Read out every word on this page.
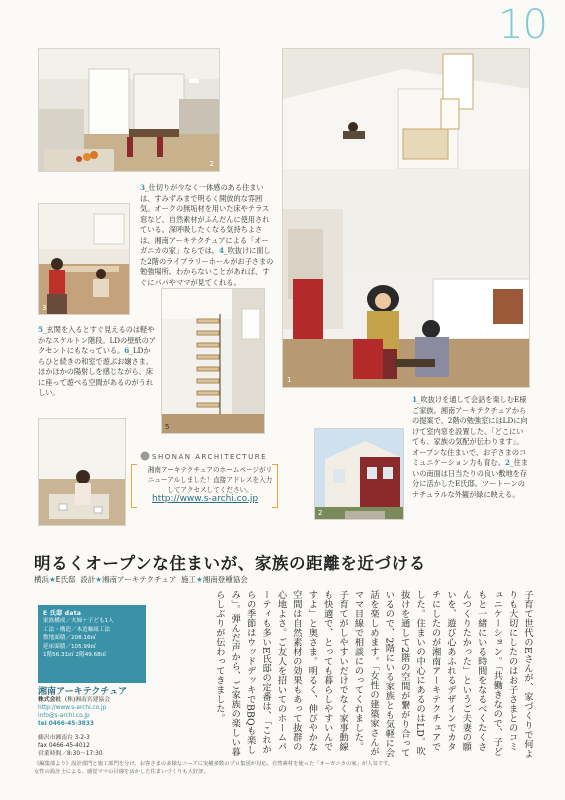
10
2
1
3
5
2
3_仕切りが少なく一体感のある住まいは、すみずみまで明るく開放的な雰囲気。オークの無垢材を用いた床やテラス窓など、自然素材がふんだんに使用されている。深呼吸したくなる気持ちよさは、湘南アーキテクチュアによる「オーガニカの家」ならでは。4_吹抜けに面した2階のライブラリーホールがお子さまの勉強場所。わからないことがあれば、すぐにパパやママが見てくれる。
5_玄関を入るとすぐ見えるのは軽やかなスケルトン階段。LDの壁紙のアクセントにもなっている。6_LDからひと続きの和室で遊ぶお嬢さま。ほかほかの陽射しを感じながら、床に座って遊べる空間があるのがうれしい。
1_吹抜けを通して会話を楽しむE様ご家族。湘南アーキテクチュアからの提案で、2階の勉強室にはLDに向けて室内窓を設置した。「どこにいても、家族の気配が伝わります」。オープンな住まいで、お子さまのコミュニケーション力も育む。2_住まいの南面は日当たりの良い敷地を存分に活かしたE氏邸。ツートーンのナチュラルな外観が緑に映える。
SHONAN ARCHITECTURE
湘南アーキテクチュアのホームページがリニューアルしました！直接アドレスを入力してアクセスしてください。
http://www.s-archi.co.jp
明るくオープンな住まいが、家族の距離を近づける
横浜★E氏邸 設計★湘南アーキテクチュア 施工★湘南登種協会
E 氏邸 data
家族構成／夫婦＋子ども1人
工法・構造／木造軸組工法
敷地面積／208.16㎡
延床面積／105.99㎡
1階56.31㎡ 2階49.68㎡
湘南アーキテクチュア
株式会社 (株)湘南宮建協会
http://www.s-archi.co.jp
info@s-archi.co.jp
tel 0466-45-3833
藤沢市湘南台 3-2-3
fax 0466-45-4012
営業時間／8:30～17:30	子育て世代のEさんが、家づくりで何よりも大切にしたのはお子さまとのコミュニケーション。「共働きなので、子どもと一緒にいる時間をなるべくたくさんつくりたかった」というご夫妻の願いを、遊び心あふれるデザインでカタチにしたのが湘南アーキテクチュアでした。住まいの中心にあるのはLD。吹抜けを通して2階の空間が繋がり合っているので、2階にいる家族とも気軽に会話を楽しめます。「女性の建築家さんがママ目線で相談にのってくれました。子育てがしやすいだけでなく家事動線も快適で、とっても暮らしやすいんですよ」と奥さま。明るく、伸びやかな空間は自然素材の効果もあって抜群の心地よさ。ご友人を招いてのホームパーティも多いE氏邸の定番は、「これからの季節はウッドデッキでBBQも楽しみ」。弾んだ声から、ご家族の楽しい暮らしぶりが伝わってきました。
《編集部より》設計部門と施工部門を分け、お客さまの多様なニーズに実績多数のプロ集団が対応。自然素材を使った「オーガニカの家」が人気です。
女性の設計士による、感覚ママの目線を活かした住まいづくりも大好評。
